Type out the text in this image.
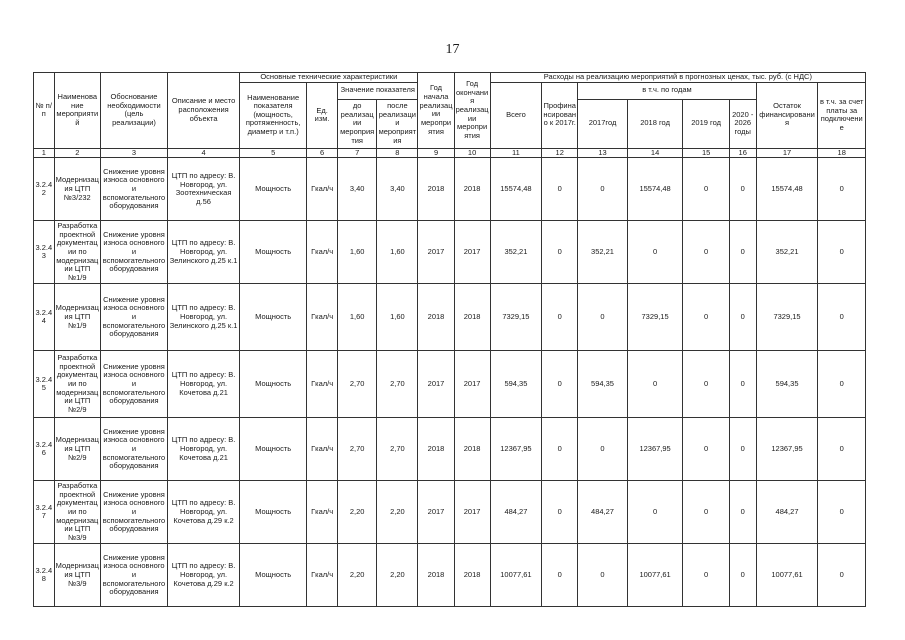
17
№ п/п	Наименование мероприятий	Обоснование необходимости (цель реализации)	Описание и место расположения объекта	Основные технические характеристики				Год начала реализации мероприятия	Год окончания реализации мероприятия	Расходы на реализацию мероприятий в прогнозных ценах, тыс. руб. (с НДС)							
				Наименование показателя (мощность, протяженность, диаметр и т.п.)	Ед. изм.	Значение показателя				Всего	Профинансировано к 2017г.	в т.ч. по годам				Остаток финансирования	в т.ч. за счет платы за подключение
						до реализации мероприятия	после реализации мероприятия					2017год	2018 год	2019 год	2020 - 2026 годы		
1	2	3	4	5	6	7	8	9	10	11	12	13	14	15	16	17	18
3.2.4 2	Модернизация ЦТП №3/232	Снижение уровня износа основного и вспомогательного оборудования	ЦТП по адресу: В. Новгород, ул. Зоотехническая д.56	Мощность	Гкал/ч	3,40	3,40	2018	2018	15574,48	0	0	15574,48	0	0	15574,48	0
3.2.4 3	Разработка проектной документации по модернизации ЦТП №1/9	Снижение уровня износа основного и вспомогательного оборудования	ЦТП по адресу: В. Новгород, ул. Зелинского д.25 к.1	Мощность	Гкал/ч	1,60	1,60	2017	2017	352,21	0	352,21	0	0	0	352,21	0
3.2.4 4	Модернизация ЦТП №1/9	Снижение уровня износа основного и вспомогательного оборудования	ЦТП по адресу: В. Новгород, ул. Зелинского д.25 к.1	Мощность	Гкал/ч	1,60	1,60	2018	2018	7329,15	0	0	7329,15	0	0	7329,15	0
3.2.4 5	Разработка проектной документации по модернизации ЦТП №2/9	Снижение уровня износа основного и вспомогательного оборудования	ЦТП по адресу: В. Новгород, ул. Кочетова д.21	Мощность	Гкал/ч	2,70	2,70	2017	2017	594,35	0	594,35	0	0	0	594,35	0
3.2.4 6	Модернизация ЦТП №2/9	Снижение уровня износа основного и вспомогательного оборудования	ЦТП по адресу: В. Новгород, ул. Кочетова д.21	Мощность	Гкал/ч	2,70	2,70	2018	2018	12367,95	0	0	12367,95	0	0	12367,95	0
3.2.4 7	Разработка проектной документации по модернизации ЦТП №3/9	Снижение уровня износа основного и вспомогательного оборудования	ЦТП по адресу: В. Новгород, ул. Кочетова д.29 к.2	Мощность	Гкал/ч	2,20	2,20	2017	2017	484,27	0	484,27	0	0	0	484,27	0
3.2.4 8	Модернизация ЦТП №3/9	Снижение уровня износа основного и вспомогательного оборудования	ЦТП по адресу: В. Новгород, ул. Кочетова д.29 к.2	Мощность	Гкал/ч	2,20	2,20	2018	2018	10077,61	0	0	10077,61	0	0	10077,61	0
